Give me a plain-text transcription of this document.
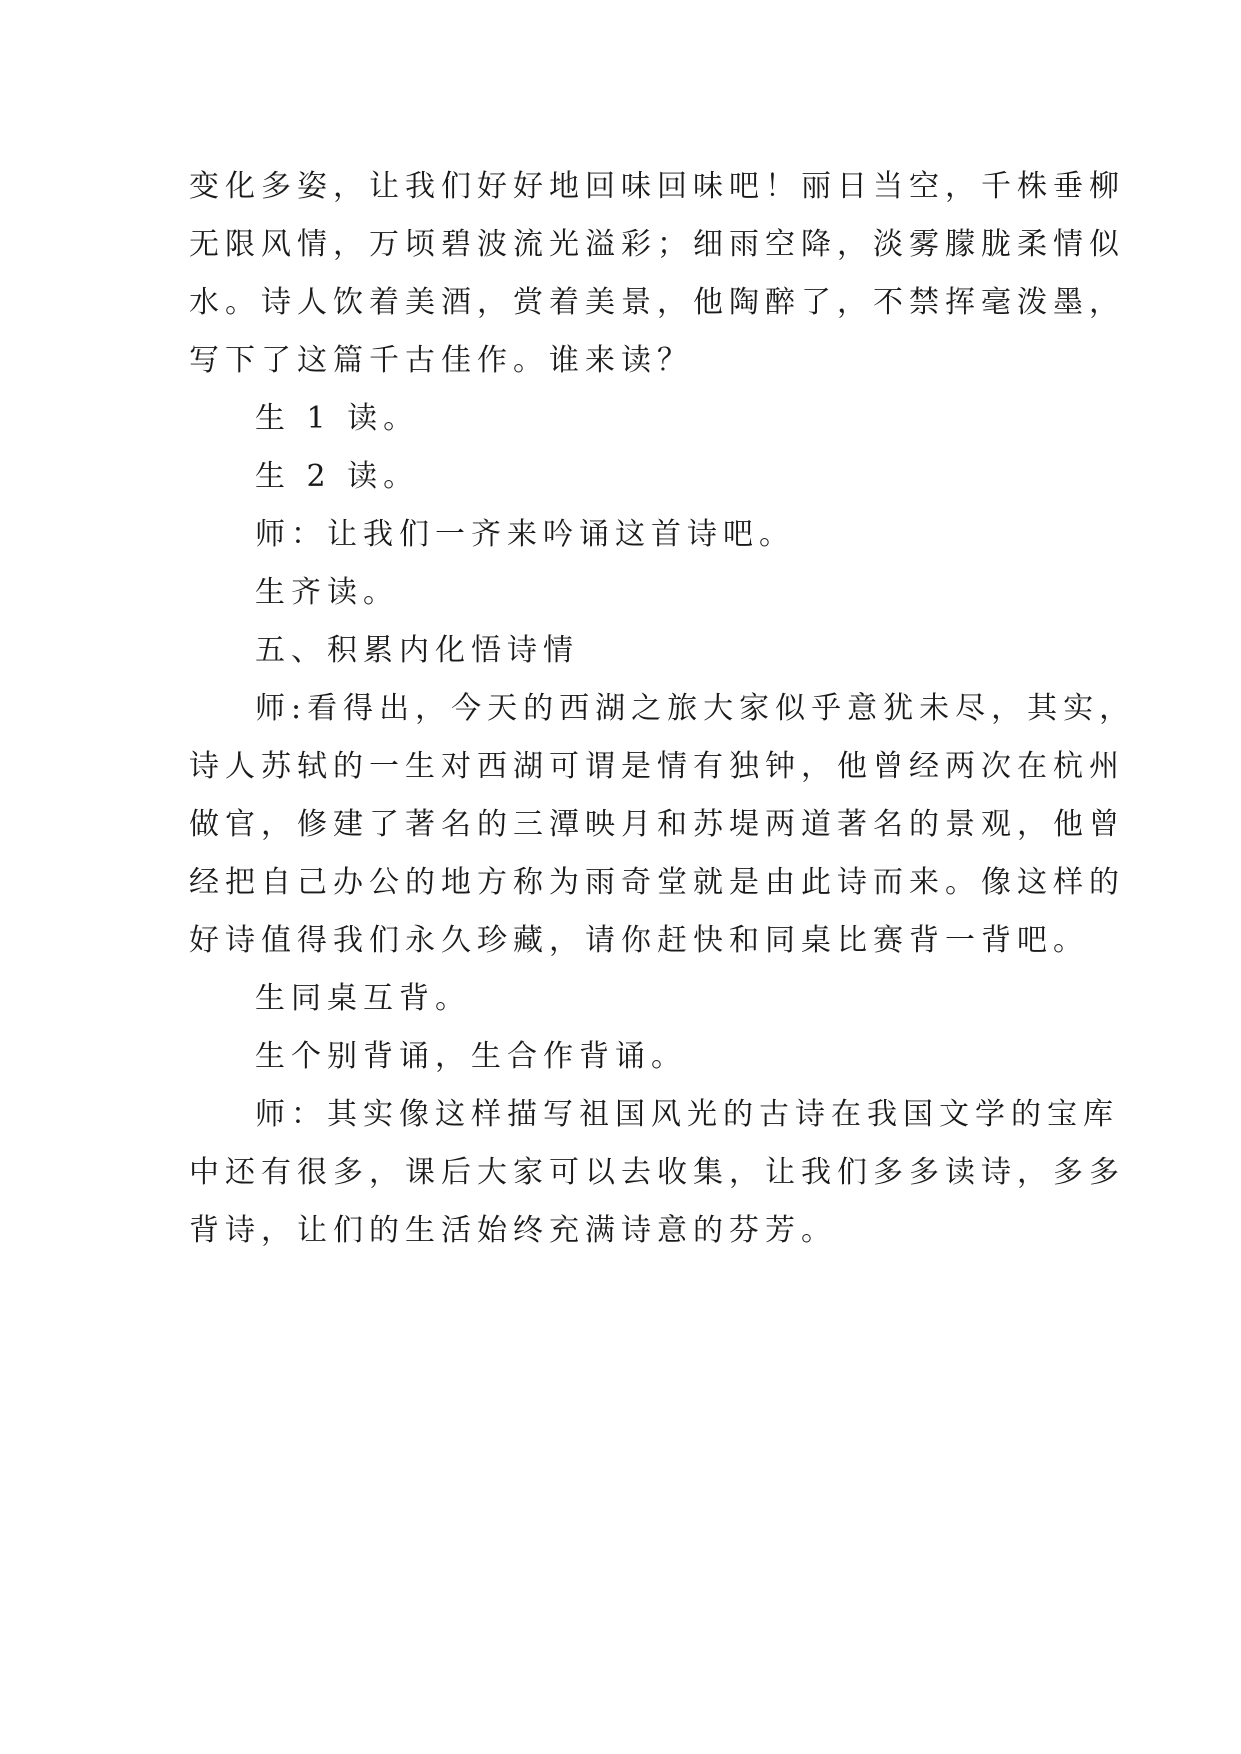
变化多姿，让我们好好地回味回味吧！丽日当空，千株垂柳
无限风情，万顷碧波流光溢彩；细雨空降，淡雾朦胧柔情似
水。诗人饮着美酒，赏着美景，他陶醉了，不禁挥毫泼墨，
写下了这篇千古佳作。谁来读？
生 1 读。
生 2 读。
师：让我们一齐来吟诵这首诗吧。
生齐读。
五、积累内化悟诗情
师:看得出，今天的西湖之旅大家似乎意犹未尽，其实，
诗人苏轼的一生对西湖可谓是情有独钟，他曾经两次在杭州
做官，修建了著名的三潭映月和苏堤两道著名的景观，他曾
经把自己办公的地方称为雨奇堂就是由此诗而来。像这样的
好诗值得我们永久珍藏，请你赶快和同桌比赛背一背吧。
生同桌互背。
生个别背诵，生合作背诵。
师：其实像这样描写祖国风光的古诗在我国文学的宝库
中还有很多，课后大家可以去收集，让我们多多读诗，多多
背诗，让们的生活始终充满诗意的芬芳。
